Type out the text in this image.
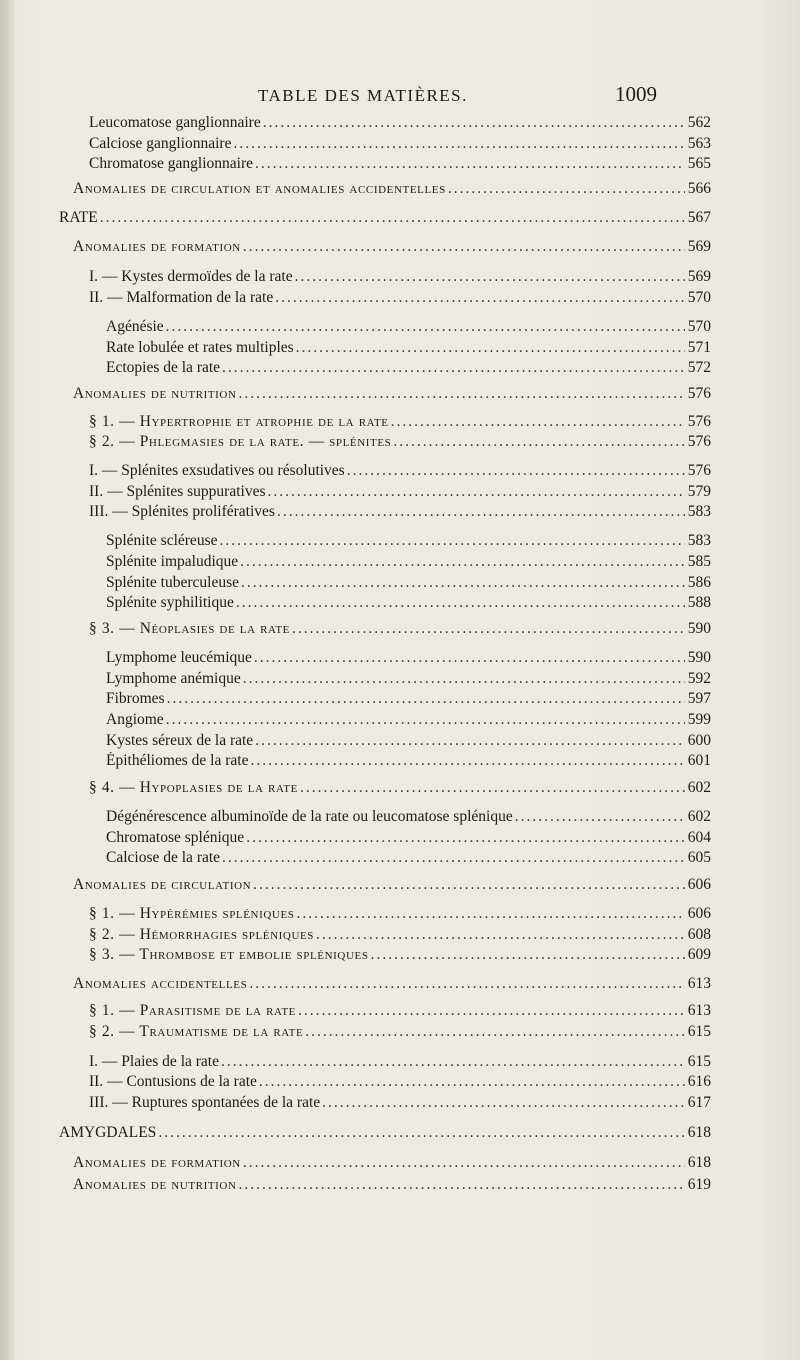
TABLE DES MATIÈRES.	1009
Leucomatose ganglionnaire .....	562
Calciose ganglionnaire .....	563
Chromatose ganglionnaire .....	565
Anomalies de circulation et anomalies accidentelles .....	566
RATE .....	567
Anomalies de formation .....	569
I. — Kystes dermoïdes de la rate .....	569
II. — Malformation de la rate .....	570
Agénésie .....	570
Rate lobulée et rates multiples .....	571
Ectopies de la rate .....	572
Anomalies de nutrition .....	576
§ 1. — Hypertrophie et atrophie de la rate .....	576
§ 2. — Phlegmasies de la rate. — splénites .....	576
I. — Splénites exsudatives ou résolutives .....	576
II. — Splénites suppuratives .....	579
III. — Splénites prolifératives .....	583
Splénite scléreuse .....	583
Splénite impaludique .....	585
Splénite tuberculeuse .....	586
Splénite syphilitique .....	588
§ 3. — Néoplasies de la rate .....	590
Lymphome leucémique .....	590
Lymphome anémique .....	592
Fibromes .....	597
Angiome .....	599
Kystes séreux de la rate .....	600
Épithéliomes de la rate .....	601
§ 4. — Hypoplasies de la rate .....	602
Dégénérescence albuminoïde de la rate ou leucomatose splénique .....	602
Chromatose splénique .....	604
Calciose de la rate .....	605
Anomalies de circulation .....	606
§ 1. — Hypérémies spléniques .....	606
§ 2. — Hémorrhagies spléniques .....	608
§ 3. — Thrombose et embolie spléniques .....	609
Anomalies accidentelles .....	613
§ 1. — Parasitisme de la rate .....	613
§ 2. — Traumatisme de la rate .....	615
I. — Plaies de la rate .....	615
II. — Contusions de la rate .....	616
III. — Ruptures spontanées de la rate .....	617
AMYGDALES .....	618
Anomalies de formation .....	618
Anomalies de nutrition .....	619
